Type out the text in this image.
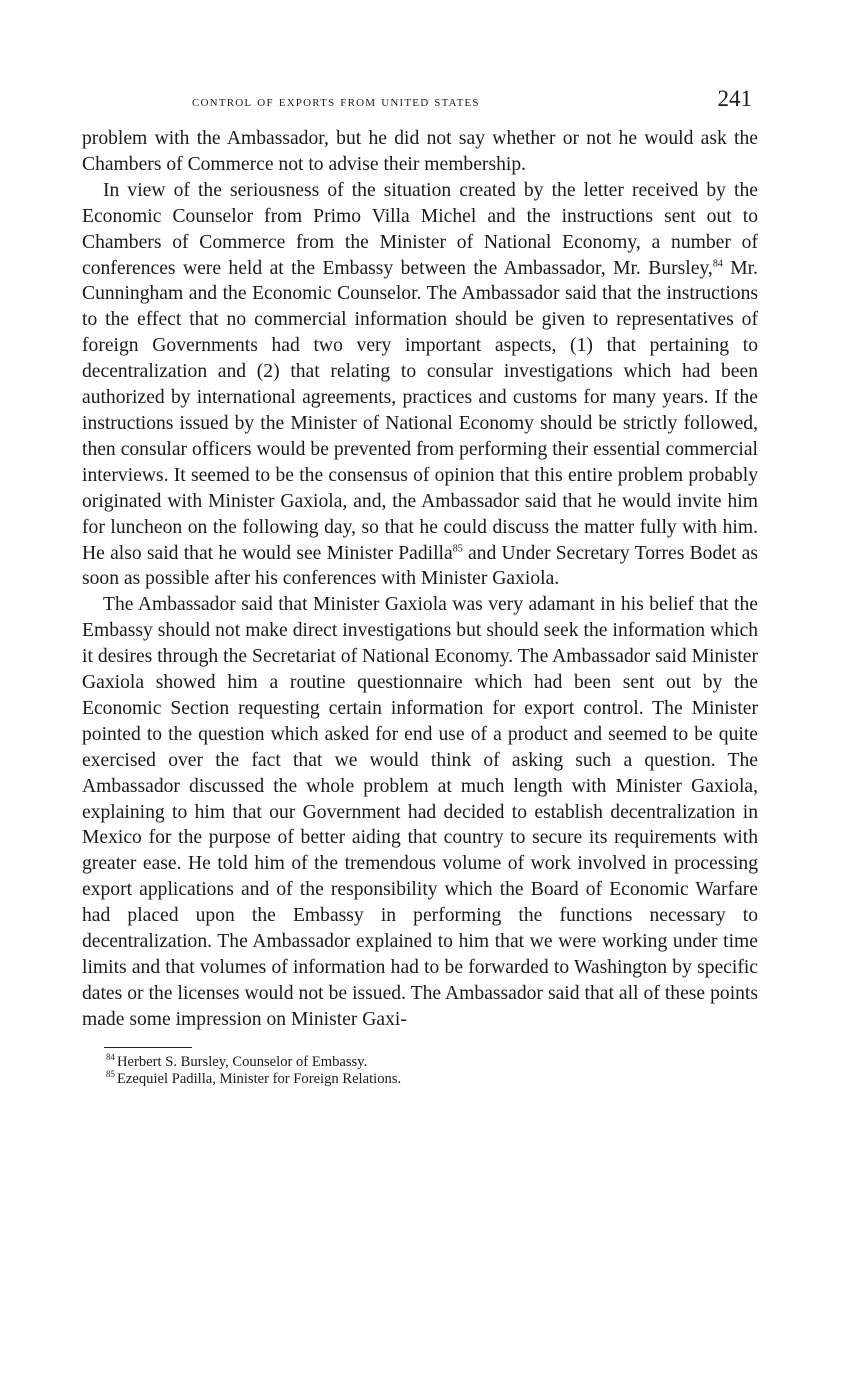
control of exports from united states	241

problem with the Ambassador, but he did not say whether or not he would ask the Chambers of Commerce not to advise their membership.

In view of the seriousness of the situation created by the letter received by the Economic Counselor from Primo Villa Michel and the instructions sent out to Chambers of Commerce from the Minister of National Economy, a number of conferences were held at the Embassy between the Ambassador, Mr. Bursley,$^{84}$ Mr. Cunningham and the Economic Counselor. The Ambassador said that the instructions to the effect that no commercial information should be given to representatives of foreign Governments had two very important aspects, (1) that pertaining to decentralization and (2) that relating to consular investigations which had been authorized by international agreements, practices and customs for many years. If the instructions issued by the Minister of National Economy should be strictly followed, then consular officers would be prevented from performing their essential commercial interviews. It seemed to be the consensus of opinion that this entire problem probably originated with Minister Gaxiola, and, the Ambassador said that he would invite him for luncheon on the following day, so that he could discuss the matter fully with him. He also said that he would see Minister Padilla$^{85}$ and Under Secretary Torres Bodet as soon as possible after his conferences with Minister Gaxiola.

The Ambassador said that Minister Gaxiola was very adamant in his belief that the Embassy should not make direct investigations but should seek the information which it desires through the Secretariat of National Economy. The Ambassador said Minister Gaxiola showed him a routine questionnaire which had been sent out by the Economic Section requesting certain information for export control. The Minister pointed to the question which asked for end use of a product and seemed to be quite exercised over the fact that we would think of asking such a question. The Ambassador discussed the whole problem at much length with Minister Gaxiola, explaining to him that our Government had decided to establish decentralization in Mexico for the purpose of better aiding that country to secure its requirements with greater ease. He told him of the tremendous volume of work involved in processing export applications and of the responsibility which the Board of Economic Warfare had placed upon the Embassy in performing the functions necessary to decentralization. The Ambassador explained to him that we were working under time limits and that volumes of information had to be forwarded to Washington by specific dates or the licenses would not be issued. The Ambassador said that all of these points made some impression on Minister Gaxi-

$^{84}$ Herbert S. Bursley, Counselor of Embassy.
$^{85}$ Ezequiel Padilla, Minister for Foreign Relations.
